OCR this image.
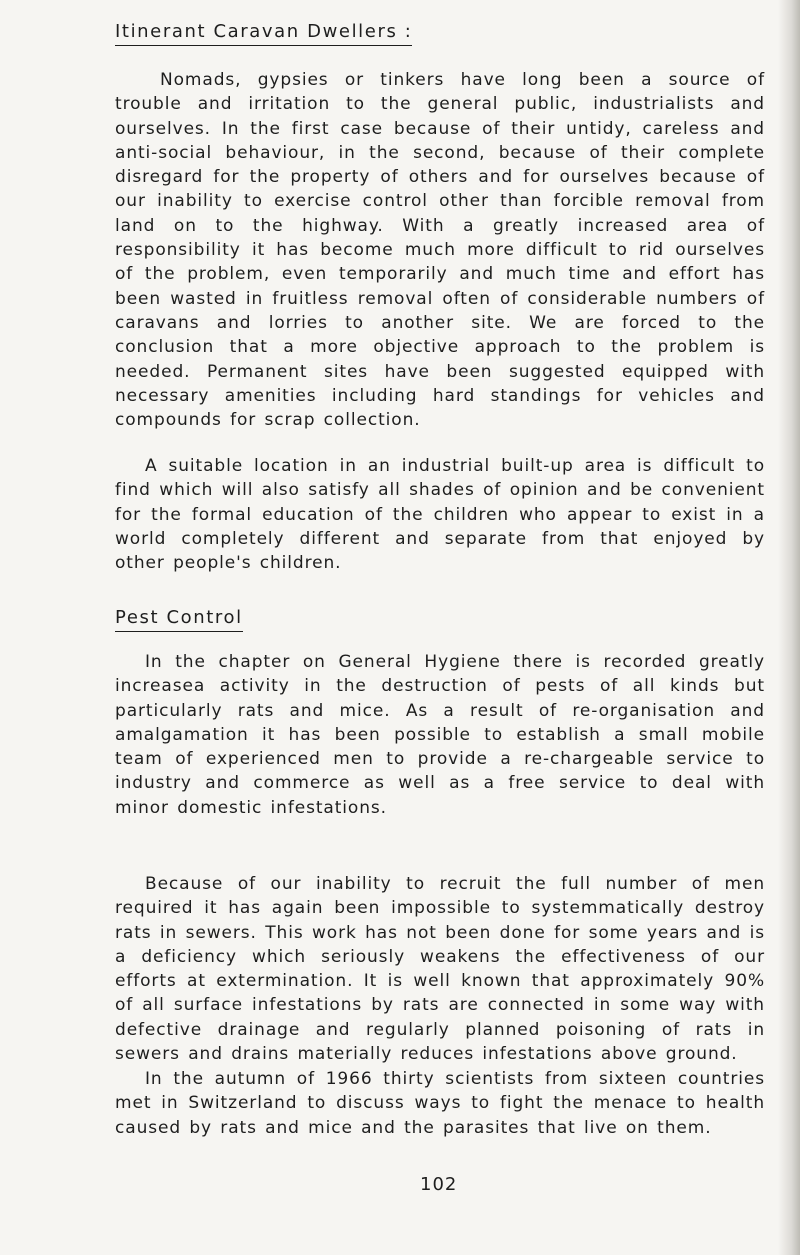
Itinerant Caravan Dwellers :

Nomads, gypsies or tinkers have long been a source of trouble and irritation to the general public, industrialists and ourselves. In the first case because of their untidy, careless and anti-social behaviour, in the second, because of their complete disregard for the property of others and for ourselves because of our inability to exercise control other than forcible removal from land on to the highway. With a greatly increased area of responsibility it has become much more difficult to rid ourselves of the problem, even temporarily and much time and effort has been wasted in fruitless removal often of considerable numbers of caravans and lorries to another site. We are forced to the conclusion that a more objective approach to the problem is needed. Permanent sites have been suggested equipped with necessary amenities including hard standings for vehicles and compounds for scrap collection.

A suitable location in an industrial built-up area is difficult to find which will also satisfy all shades of opinion and be convenient for the formal education of the children who appear to exist in a world completely different and separate from that enjoyed by other people's children.

Pest Control

In the chapter on General Hygiene there is recorded greatly increasea activity in the destruction of pests of all kinds but particularly rats and mice. As a result of re-organisation and amalgamation it has been possible to establish a small mobile team of experienced men to provide a re-chargeable service to industry and commerce as well as a free service to deal with minor domestic infestations.

Because of our inability to recruit the full number of men required it has again been impossible to systemmatically destroy rats in sewers. This work has not been done for some years and is a deficiency which seriously weakens the effectiveness of our efforts at extermination. It is well known that approximately 90% of all surface infestations by rats are connected in some way with defective drainage and regularly planned poisoning of rats in sewers and drains materially reduces infestations above ground.

In the autumn of 1966 thirty scientists from sixteen countries met in Switzerland to discuss ways to fight the menace to health caused by rats and mice and the parasites that live on them.

102
